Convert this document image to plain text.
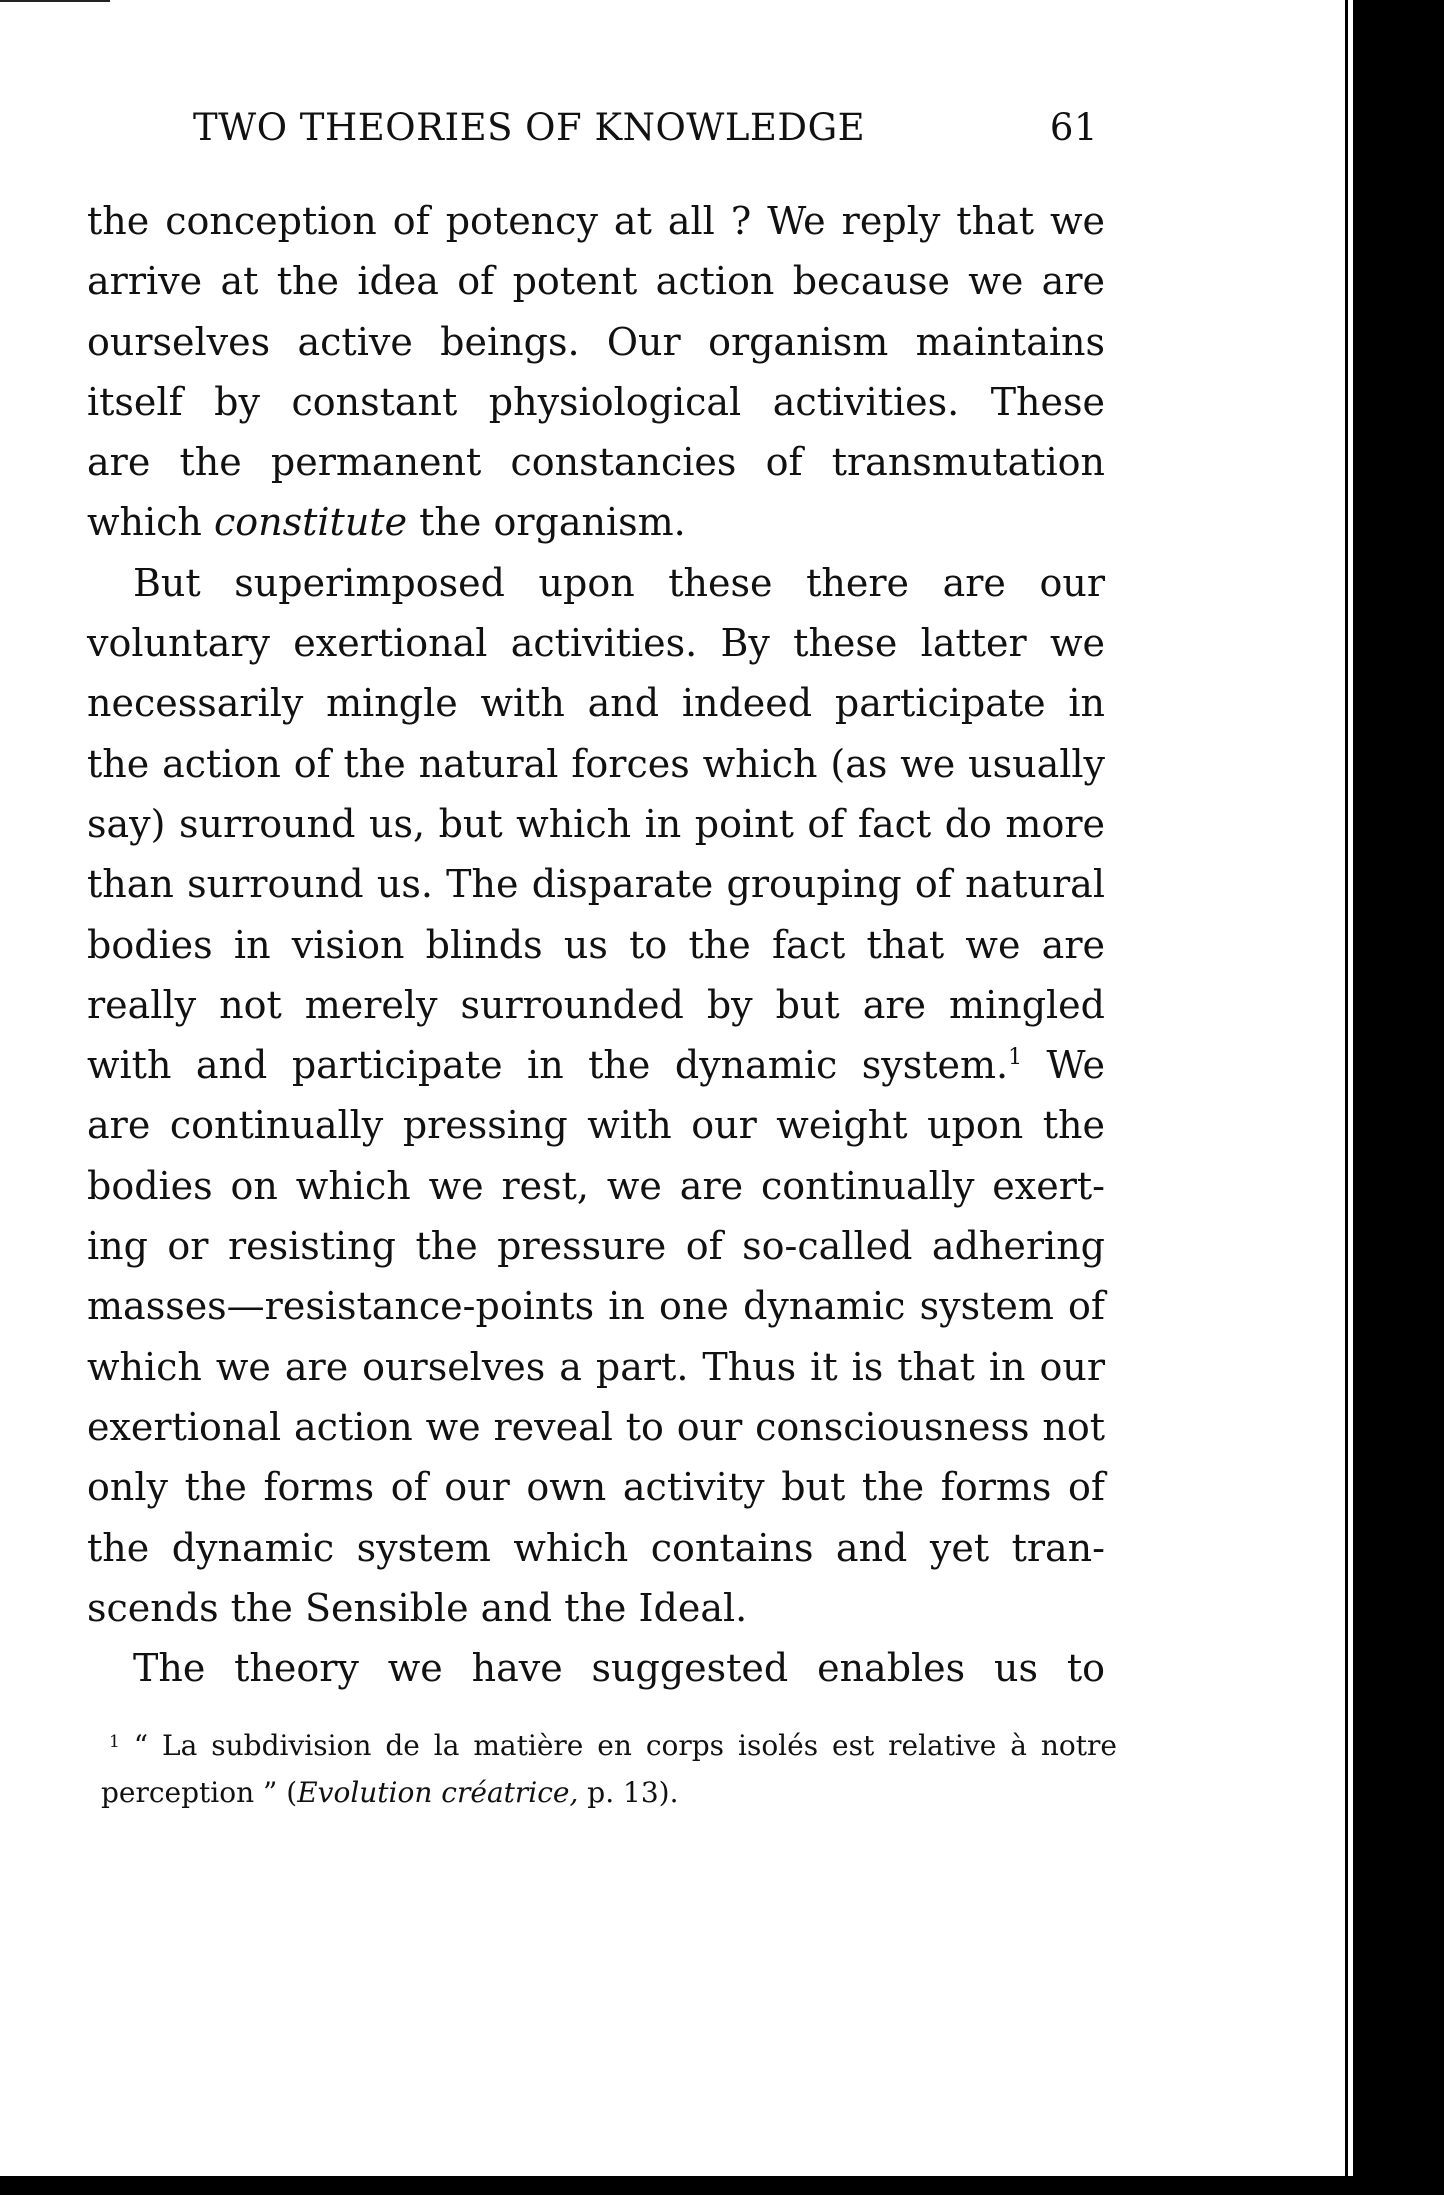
TWO THEORIES OF KNOWLEDGE	61
the conception of potency at all ? We reply that we
arrive at the idea of potent action because we are
ourselves active beings. Our organism maintains
itself by constant physiological activities. These
are the permanent constancies of transmutation
which constitute the organism.
But superimposed upon these there are our
voluntary exertional activities. By these latter we
necessarily mingle with and indeed participate in
the action of the natural forces which (as we usually
say) surround us, but which in point of fact do more
than surround us. The disparate grouping of natural
bodies in vision blinds us to the fact that we are
really not merely surrounded by but are mingled
with and participate in the dynamic system.$^1$ We
are continually pressing with our weight upon the
bodies on which we rest, we are continually exert-
ing or resisting the pressure of so-called adhering
masses—resistance-points in one dynamic system of
which we are ourselves a part. Thus it is that in our
exertional action we reveal to our consciousness not
only the forms of our own activity but the forms of
the dynamic system which contains and yet tran-
scends the Sensible and the Ideal.
The theory we have suggested enables us to
$^1$ “ La subdivision de la matière en corps isolés est relative à notre
perception ” (Evolution créatrice, p. 13).
